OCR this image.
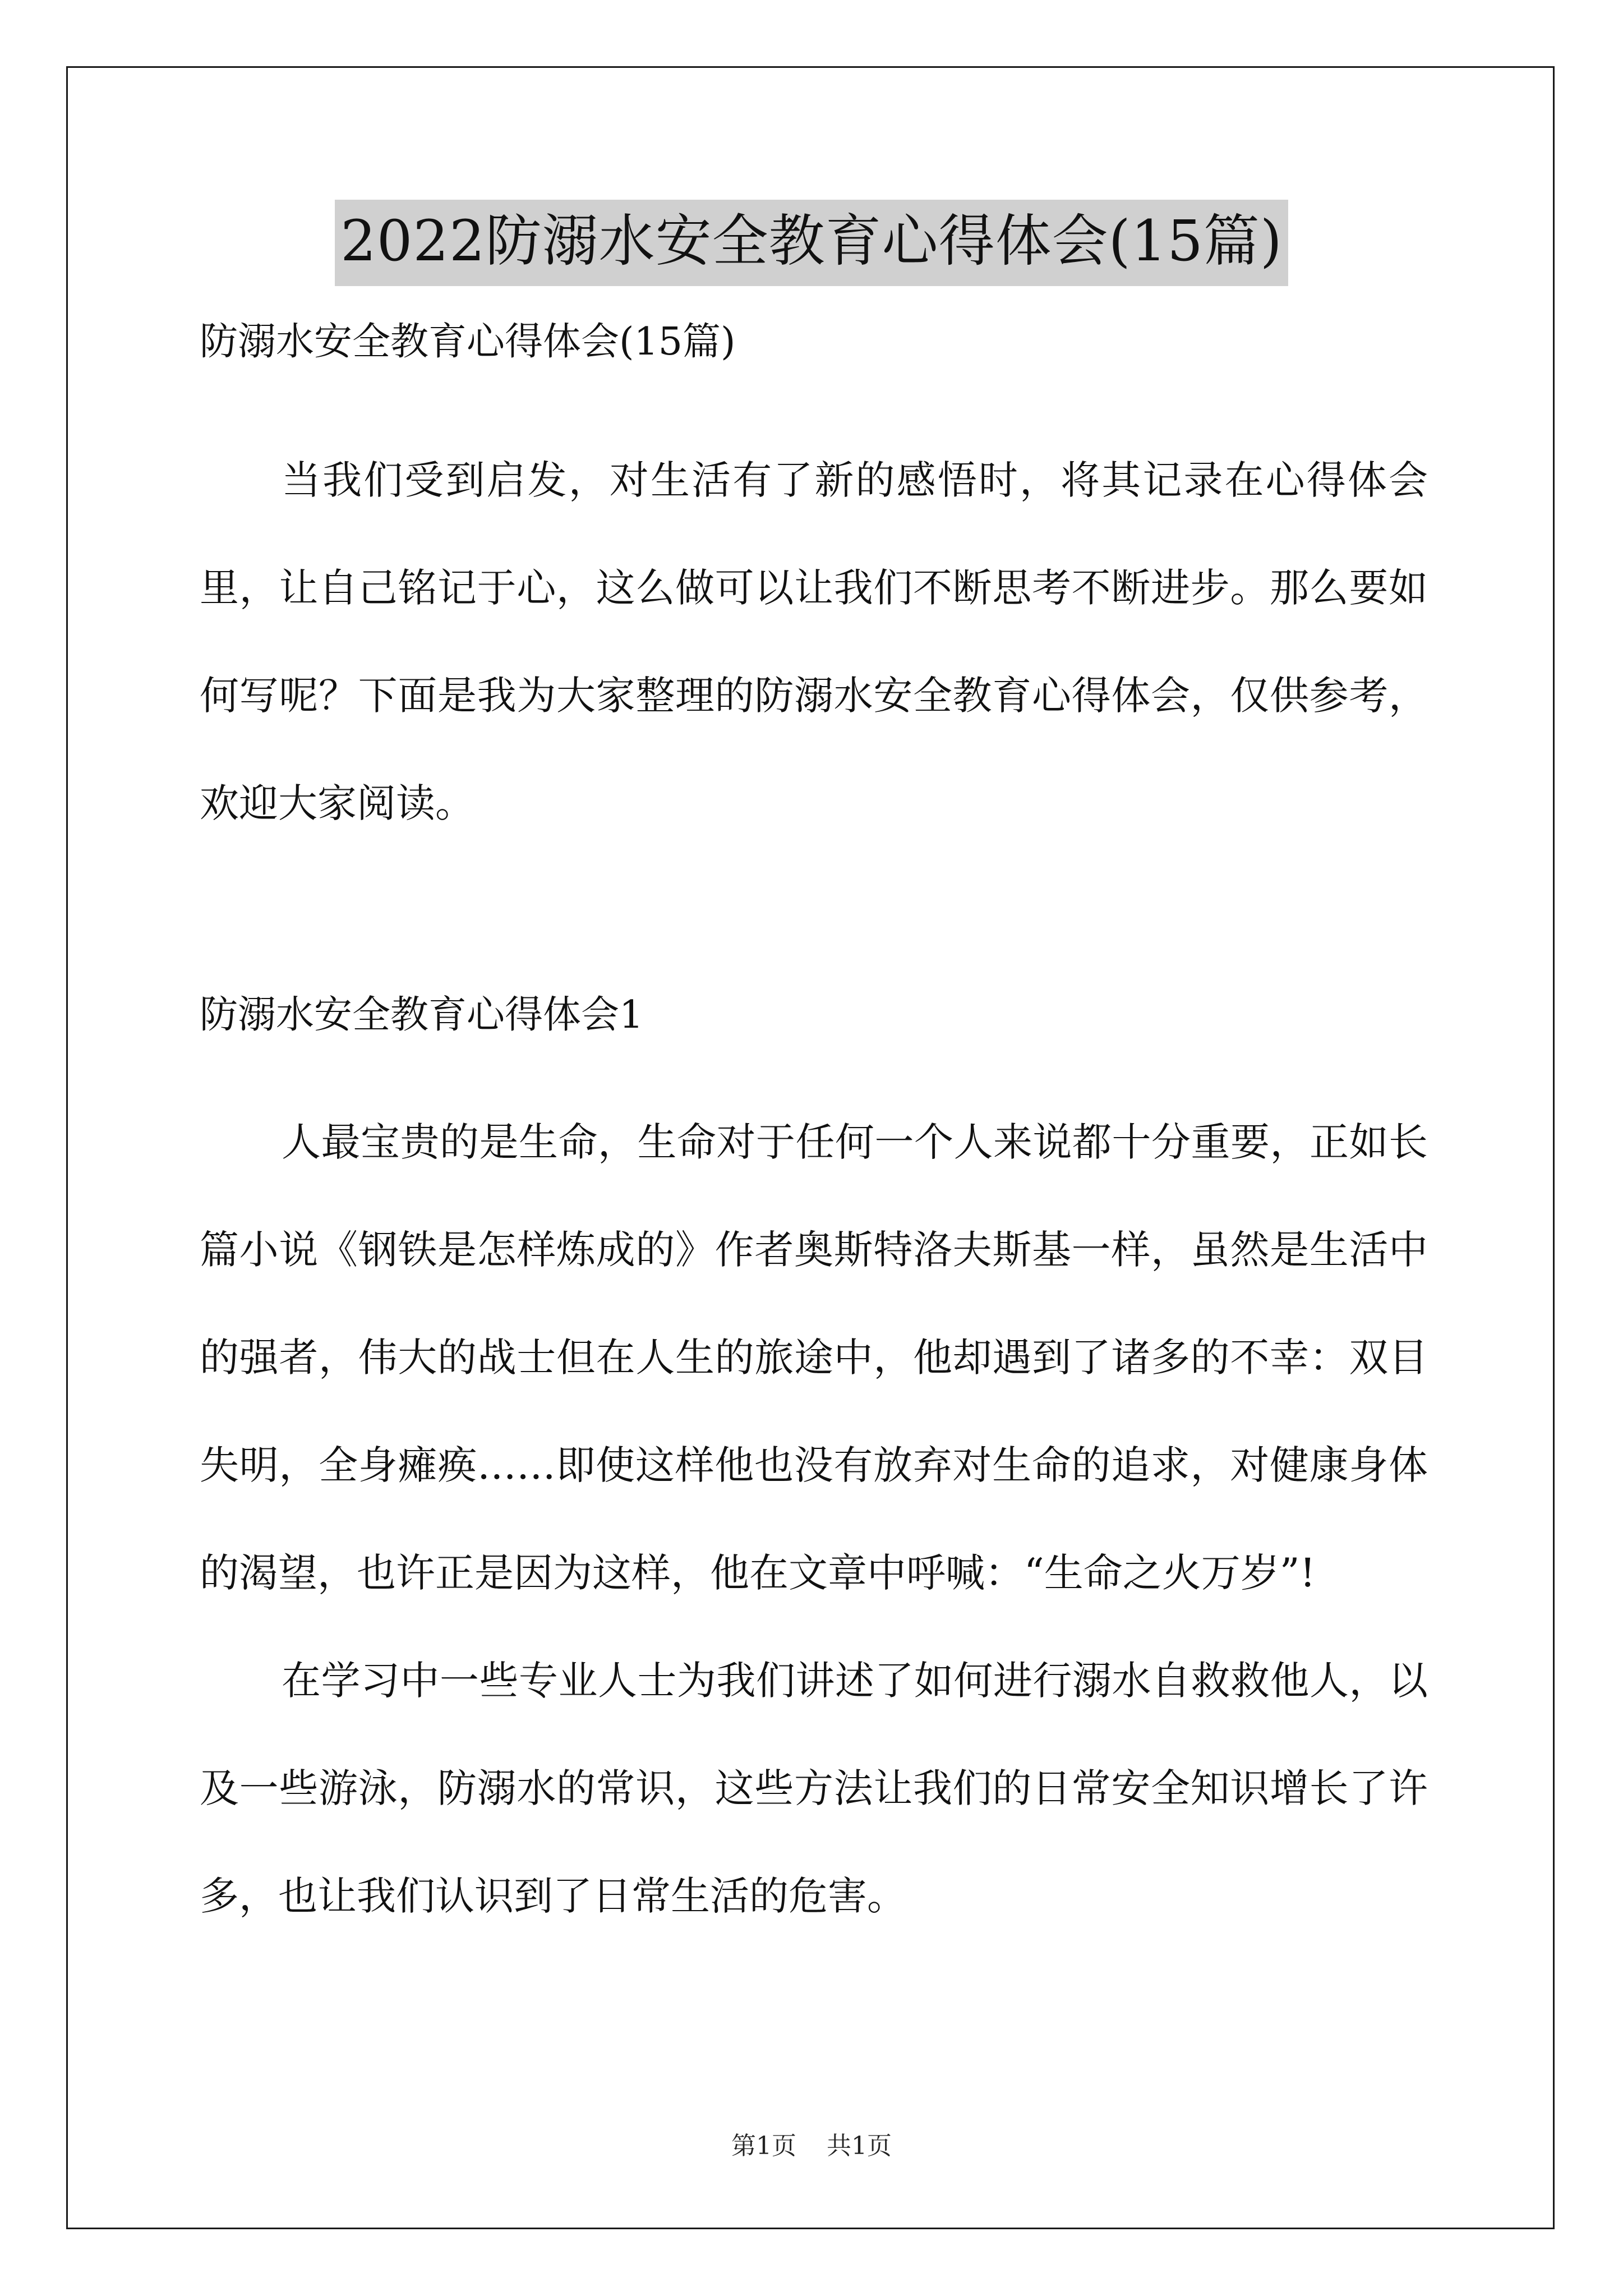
2022防溺水安全教育心得体会(15篇)

防溺水安全教育心得体会(15篇)

当我们受到启发，对生活有了新的感悟时，将其记录在心得体会里，让自己铭记于心，这么做可以让我们不断思考不断进步。那么要如何写呢？下面是我为大家整理的防溺水安全教育心得体会，仅供参考，欢迎大家阅读。

防溺水安全教育心得体会1

人最宝贵的是生命，生命对于任何一个人来说都十分重要，正如长篇小说《钢铁是怎样炼成的》作者奥斯特洛夫斯基一样，虽然是生活中的强者，伟大的战士但在人生的旅途中，他却遇到了诸多的不幸：双目失明，全身瘫痪……即使这样他也没有放弃对生命的追求，对健康身体的渴望，也许正是因为这样，他在文章中呼喊：“生命之火万岁”!

在学习中一些专业人士为我们讲述了如何进行溺水自救救他人，以及一些游泳，防溺水的常识，这些方法让我们的日常安全知识增长了许多，也让我们认识到了日常生活的危害。

第1页 共1页
